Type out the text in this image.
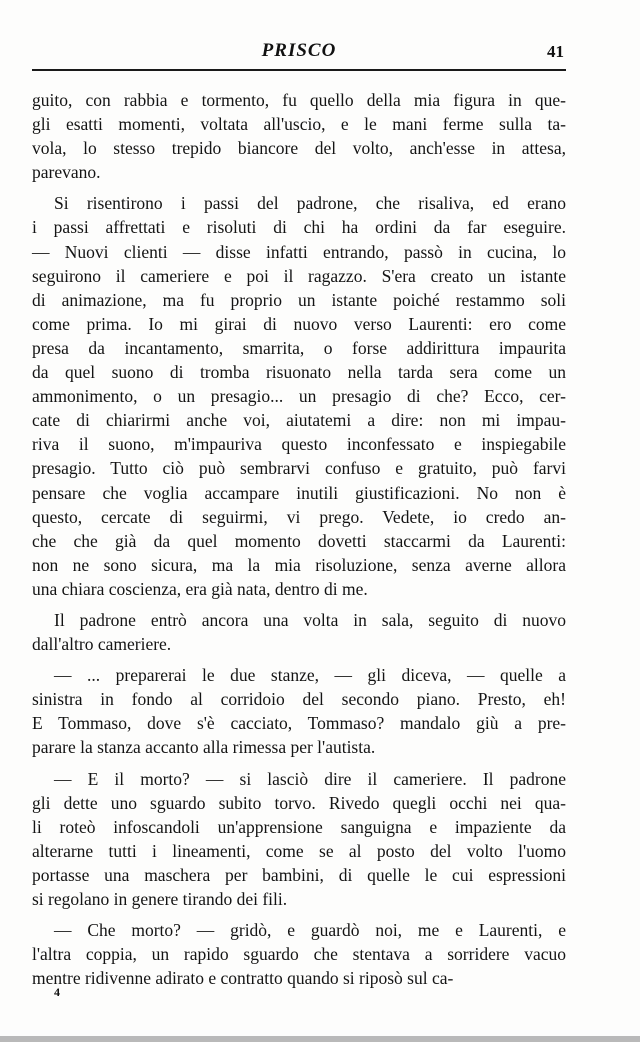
PRISCO	41

guito, con rabbia e tormento, fu quello della mia figura in que-
gli esatti momenti, voltata all'uscio, e le mani ferme sulla ta-
vola, lo stesso trepido biancore del volto, anch'esse in attesa,
parevano.

Si risentirono i passi del padrone, che risaliva, ed erano
i passi affrettati e risoluti di chi ha ordini da far eseguire.
— Nuovi clienti — disse infatti entrando, passò in cucina, lo
seguirono il cameriere e poi il ragazzo. S'era creato un istante
di animazione, ma fu proprio un istante poiché restammo soli
come prima. Io mi girai di nuovo verso Laurenti: ero come
presa da incantamento, smarrita, o forse addirittura impaurita
da quel suono di tromba risuonato nella tarda sera come un
ammonimento, o un presagio... un presagio di che? Ecco, cer-
cate di chiarirmi anche voi, aiutatemi a dire: non mi impau-
riva il suono, m'impauriva questo inconfessato e inspiegabile
presagio. Tutto ciò può sembrarvi confuso e gratuito, può farvi
pensare che voglia accampare inutili giustificazioni. No non è
questo, cercate di seguirmi, vi prego. Vedete, io credo an-
che che già da quel momento dovetti staccarmi da Laurenti:
non ne sono sicura, ma la mia risoluzione, senza averne allora
una chiara coscienza, era già nata, dentro di me.

Il padrone entrò ancora una volta in sala, seguito di nuovo
dall'altro cameriere.

— ... preparerai le due stanze, — gli diceva, — quelle a
sinistra in fondo al corridoio del secondo piano. Presto, eh!
E Tommaso, dove s'è cacciato, Tommaso? mandalo giù a pre-
parare la stanza accanto alla rimessa per l'autista.

— E il morto? — si lasciò dire il cameriere. Il padrone
gli dette uno sguardo subito torvo. Rivedo quegli occhi nei qua-
li roteò infoscandoli un'apprensione sanguigna e impaziente da
alterarne tutti i lineamenti, come se al posto del volto l'uomo
portasse una maschera per bambini, di quelle le cui espressioni
si regolano in genere tirando dei fili.

— Che morto? — gridò, e guardò noi, me e Laurenti, e
l'altra coppia, un rapido sguardo che stentava a sorridere vacuo
mentre ridivenne adirato e contratto quando si riposò sul ca-

4
